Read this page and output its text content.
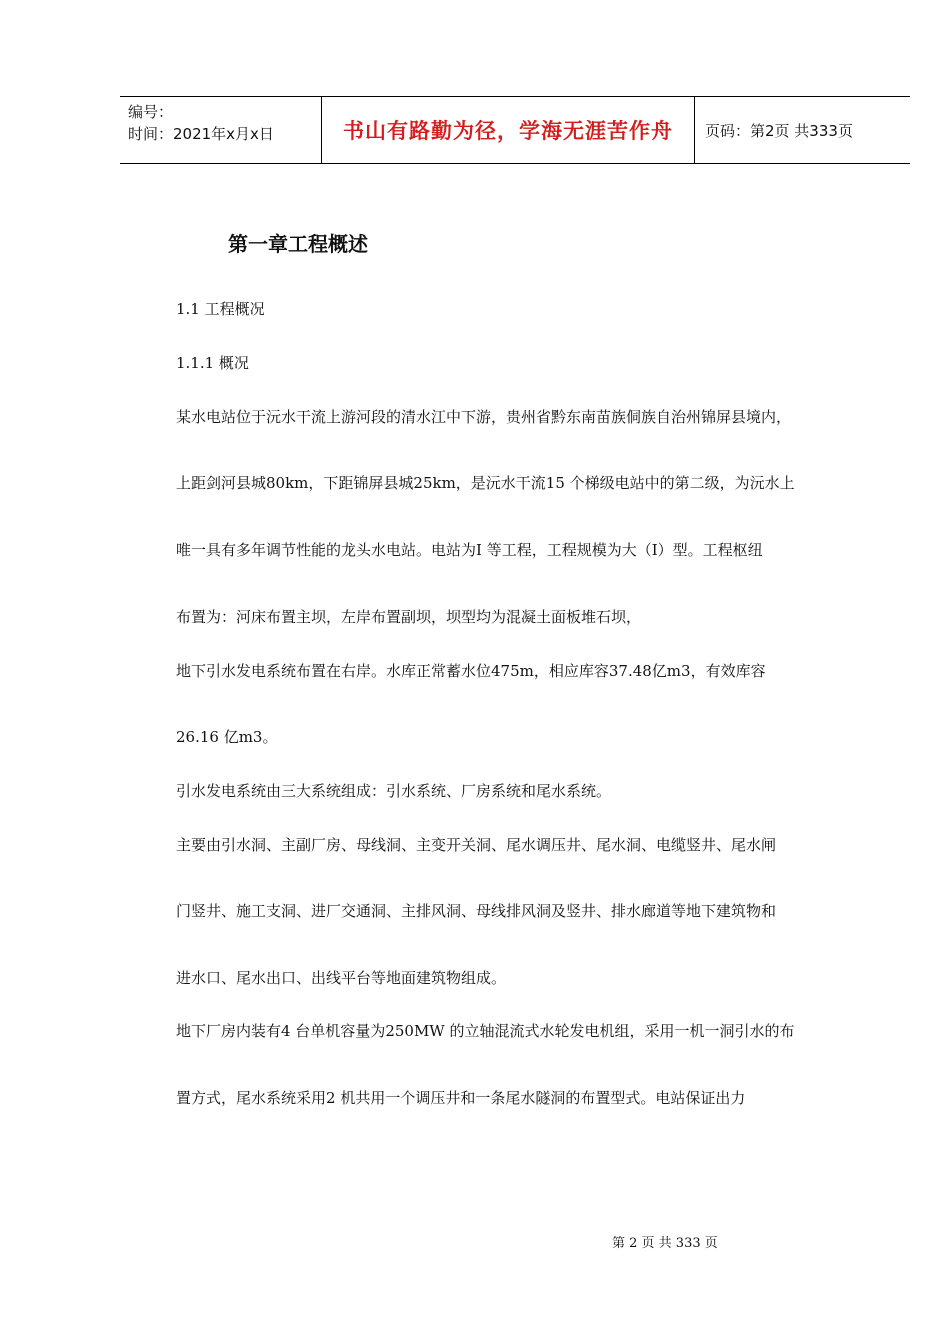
编号：
时间：2021年x月x日	书山有路勤为径，学海无涯苦作舟	页码：第2页 共333页
第一章工程概述
1.1 工程概况
1.1.1 概况
某水电站位于沅水干流上游河段的清水江中下游，贵州省黔东南苗族侗族自治州锦屏县境内，
上距剑河县城80km，下距锦屏县城25km，是沅水干流15 个梯级电站中的第二级，为沅水上
唯一具有多年调节性能的龙头水电站。电站为Ⅰ 等工程，工程规模为大（Ⅰ）型。工程枢纽
布置为：河床布置主坝，左岸布置副坝，坝型均为混凝土面板堆石坝，
地下引水发电系统布置在右岸。水库正常蓄水位475m，相应库容37.48亿m3，有效库容
26.16 亿m3。
引水发电系统由三大系统组成：引水系统、厂房系统和尾水系统。
主要由引水洞、主副厂房、母线洞、主变开关洞、尾水调压井、尾水洞、电缆竖井、尾水闸
门竖井、施工支洞、进厂交通洞、主排风洞、母线排风洞及竖井、排水廊道等地下建筑物和
进水口、尾水出口、出线平台等地面建筑物组成。
地下厂房内装有4 台单机容量为250MW 的立轴混流式水轮发电机组，采用一机一洞引水的布
置方式，尾水系统采用2 机共用一个调压井和一条尾水隧洞的布置型式。电站保证出力
第 2 页 共 333 页
